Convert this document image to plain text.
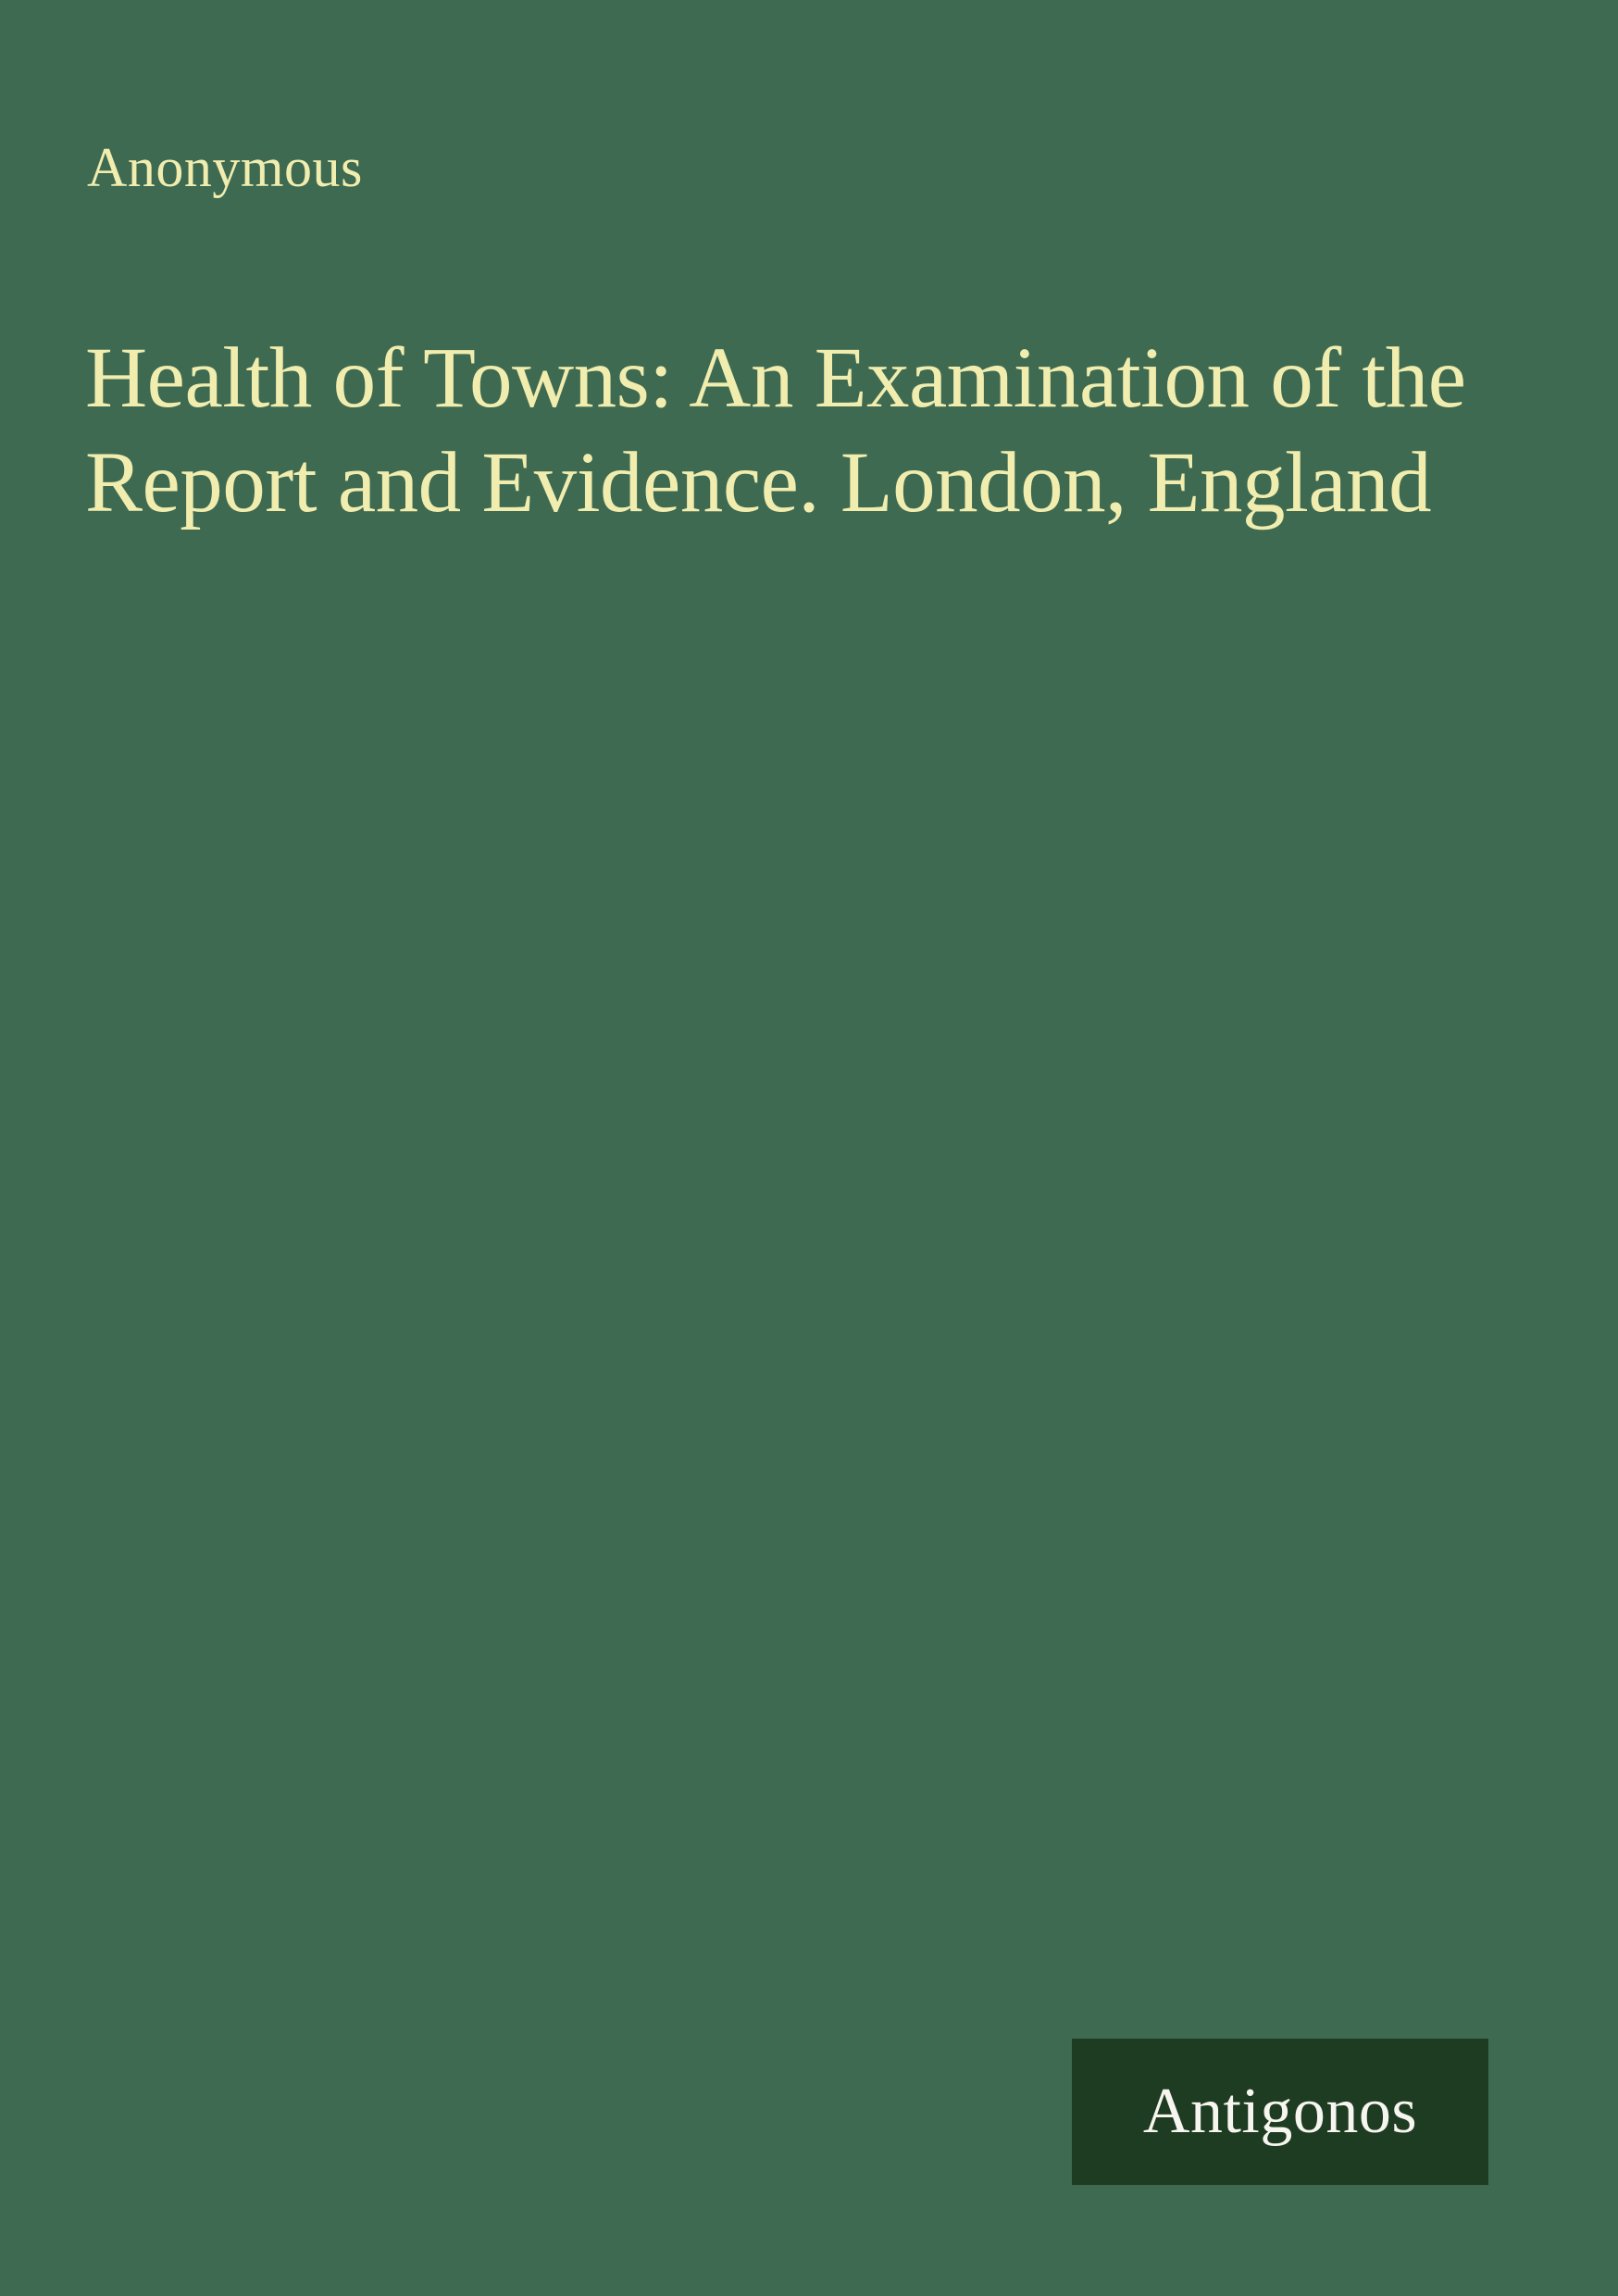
Anonymous
Health of Towns: An Examination of the
Report and Evidence. London, England
Antigonos
